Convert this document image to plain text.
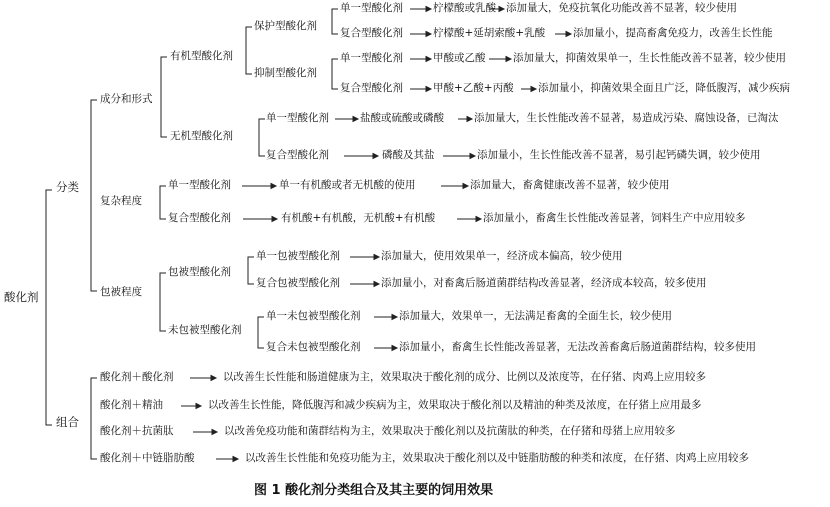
酸化剂
分类
组合
成分和形式
复杂程度
包被程度
有机型酸化剂
保护型酸化剂
抑制型酸化剂
单一型酸化剂	柠檬酸或乳酸 添加量大，免疫抗氧化功能改善不显著，较少使用
复合型酸化剂	柠檬酸+延胡索酸+乳酸	添加量小，提高畜禽免疫力，改善生长性能
单一型酸化剂	甲酸或乙酸	添加量大，抑菌效果单一，生长性能改善不显著，较少使用
复合型酸化剂	甲酸+乙酸+丙酸 添加量小，抑菌效果全面且广泛，降低腹泻，减少疾病
无机型酸化剂
单一型酸化剂	盐酸或硫酸或磷酸	添加量大，生长性能改善不显著，易造成污染、腐蚀设备，已淘汰
复合型酸化剂	磷酸及其盐	添加量小，生长性能改善不显著，易引起钙磷失调，较少使用
单一型酸化剂	单一有机酸或者无机酸的使用	添加量大，畜禽健康改善不显著，较少使用
复合型酸化剂	有机酸+有机酸，无机酸+有机酸	添加量小，畜禽生长性能改善显著，饲料生产中应用较多
包被型酸化剂
单一包被型酸化剂	添加量大，使用效果单一，经济成本偏高，较少使用
复合包被型酸化剂	添加量小，对畜禽后肠道菌群结构改善显著，经济成本较高，较多使用
未包被型酸化剂
单一未包被型酸化剂	添加量大，效果单一，无法满足畜禽的全面生长，较少使用
复合未包被型酸化剂	添加量小，畜禽生长性能改善显著，无法改善畜禽后肠道菌群结构，较多使用
酸化剂＋酸化剂	以改善生长性能和肠道健康为主，效果取决于酸化剂的成分、比例以及浓度等，在仔猪、肉鸡上应用较多
酸化剂＋精油	以改善生长性能，降低腹泻和减少疾病为主，效果取决于酸化剂以及精油的种类及浓度，在仔猪上应用最多
酸化剂＋抗菌肽	以改善免疫功能和菌群结构为主，效果取决于酸化剂以及抗菌肽的种类，在仔猪和母猪上应用较多
酸化剂＋中链脂肪酸	以改善生长性能和免疫功能为主，效果取决于酸化剂以及中链脂肪酸的种类和浓度，在仔猪、肉鸡上应用较多
图 1 酸化剂分类组合及其主要的饲用效果
